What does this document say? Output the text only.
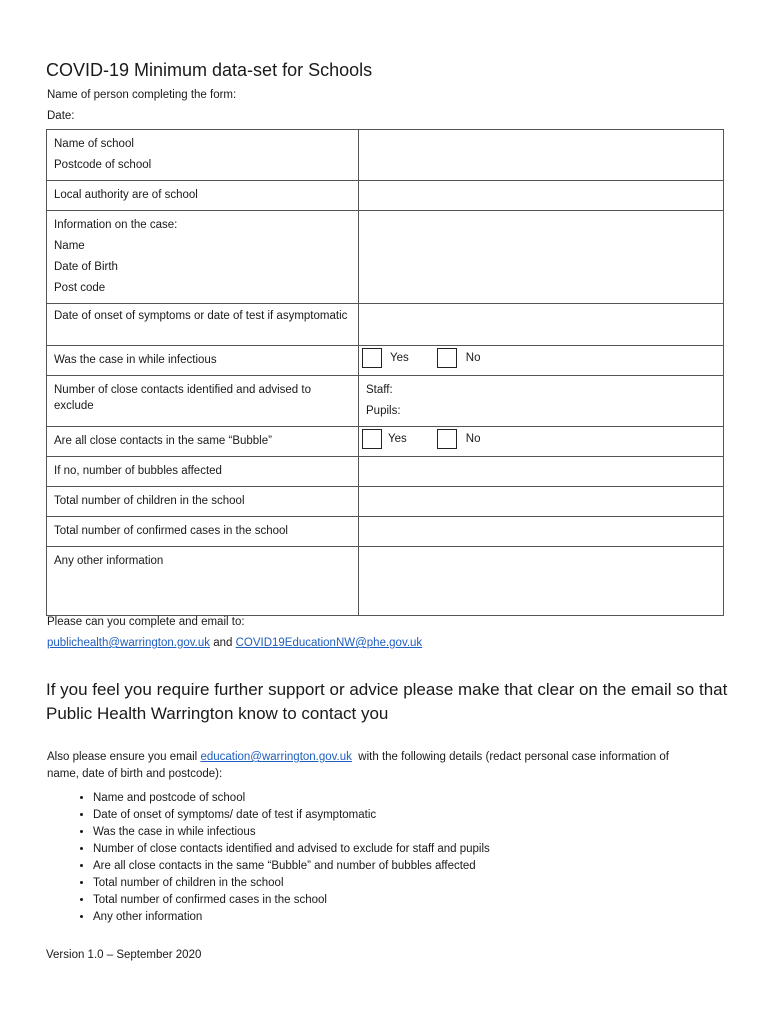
COVID-19 Minimum data-set for Schools
Name of person completing the form:
Date:
Name of school
Postcode of school	

Local authority are of school	

Information on the case:
Name
Date of Birth
Post code	

Date of onset of symptoms or date of test if asymptomatic	

Was the case in while infectious	Yes No

Number of close contacts identified and advised to exclude	Staff:
Pupils:

Are all close contacts in the same “Bubble”	Yes No

If no, number of bubbles affected	

Total number of children in the school	

Total number of confirmed cases in the school	

Any other information	

Please can you complete and email to:
publichealth@warrington.gov.uk and COVID19EducationNW@phe.gov.uk
If you feel you require further support or advice please make that clear on the email so that Public Health Warrington know to contact you
Also please ensure you email education@warrington.gov.uk with the following details (redact personal case information of name, date of birth and postcode):
• Name and postcode of school
• Date of onset of symptoms/ date of test if asymptomatic
• Was the case in while infectious
• Number of close contacts identified and advised to exclude for staff and pupils
• Are all close contacts in the same “Bubble” and number of bubbles affected
• Total number of children in the school
• Total number of confirmed cases in the school
• Any other information
Version 1.0 – September 2020
